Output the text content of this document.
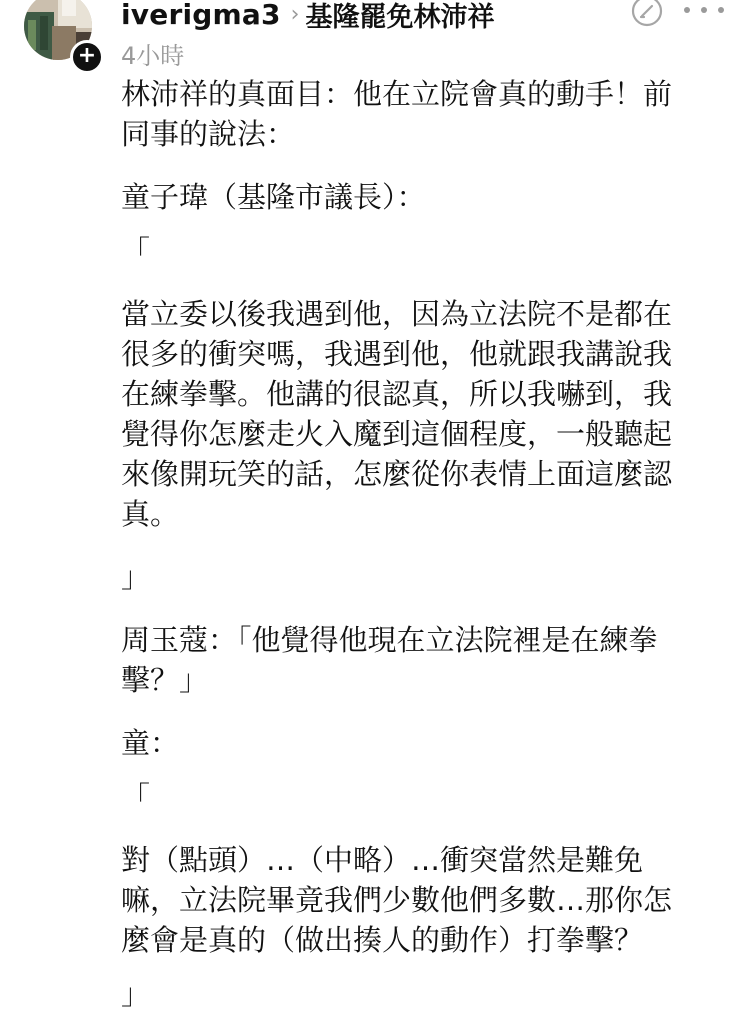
+
iverigma3 › 基隆罷免林沛祥
4小時

林沛祥的真面目：他在立院會真的動手！前

同事的說法：

童子瑋（基隆市議長）：

「

當立委以後我遇到他，因為立法院不是都在

很多的衝突嗎，我遇到他，他就跟我講說我

在練拳擊。他講的很認真，所以我嚇到，我

覺得你怎麼走火入魔到這個程度，一般聽起

來像開玩笑的話，怎麼從你表情上面這麼認

真。

」

周玉蔻：「他覺得他現在立法院裡是在練拳

擊？」

童：

「

對（點頭）…（中略）…衝突當然是難免

嘛，立法院畢竟我們少數他們多數…那你怎

麼會是真的（做出揍人的動作）打拳擊？

」
